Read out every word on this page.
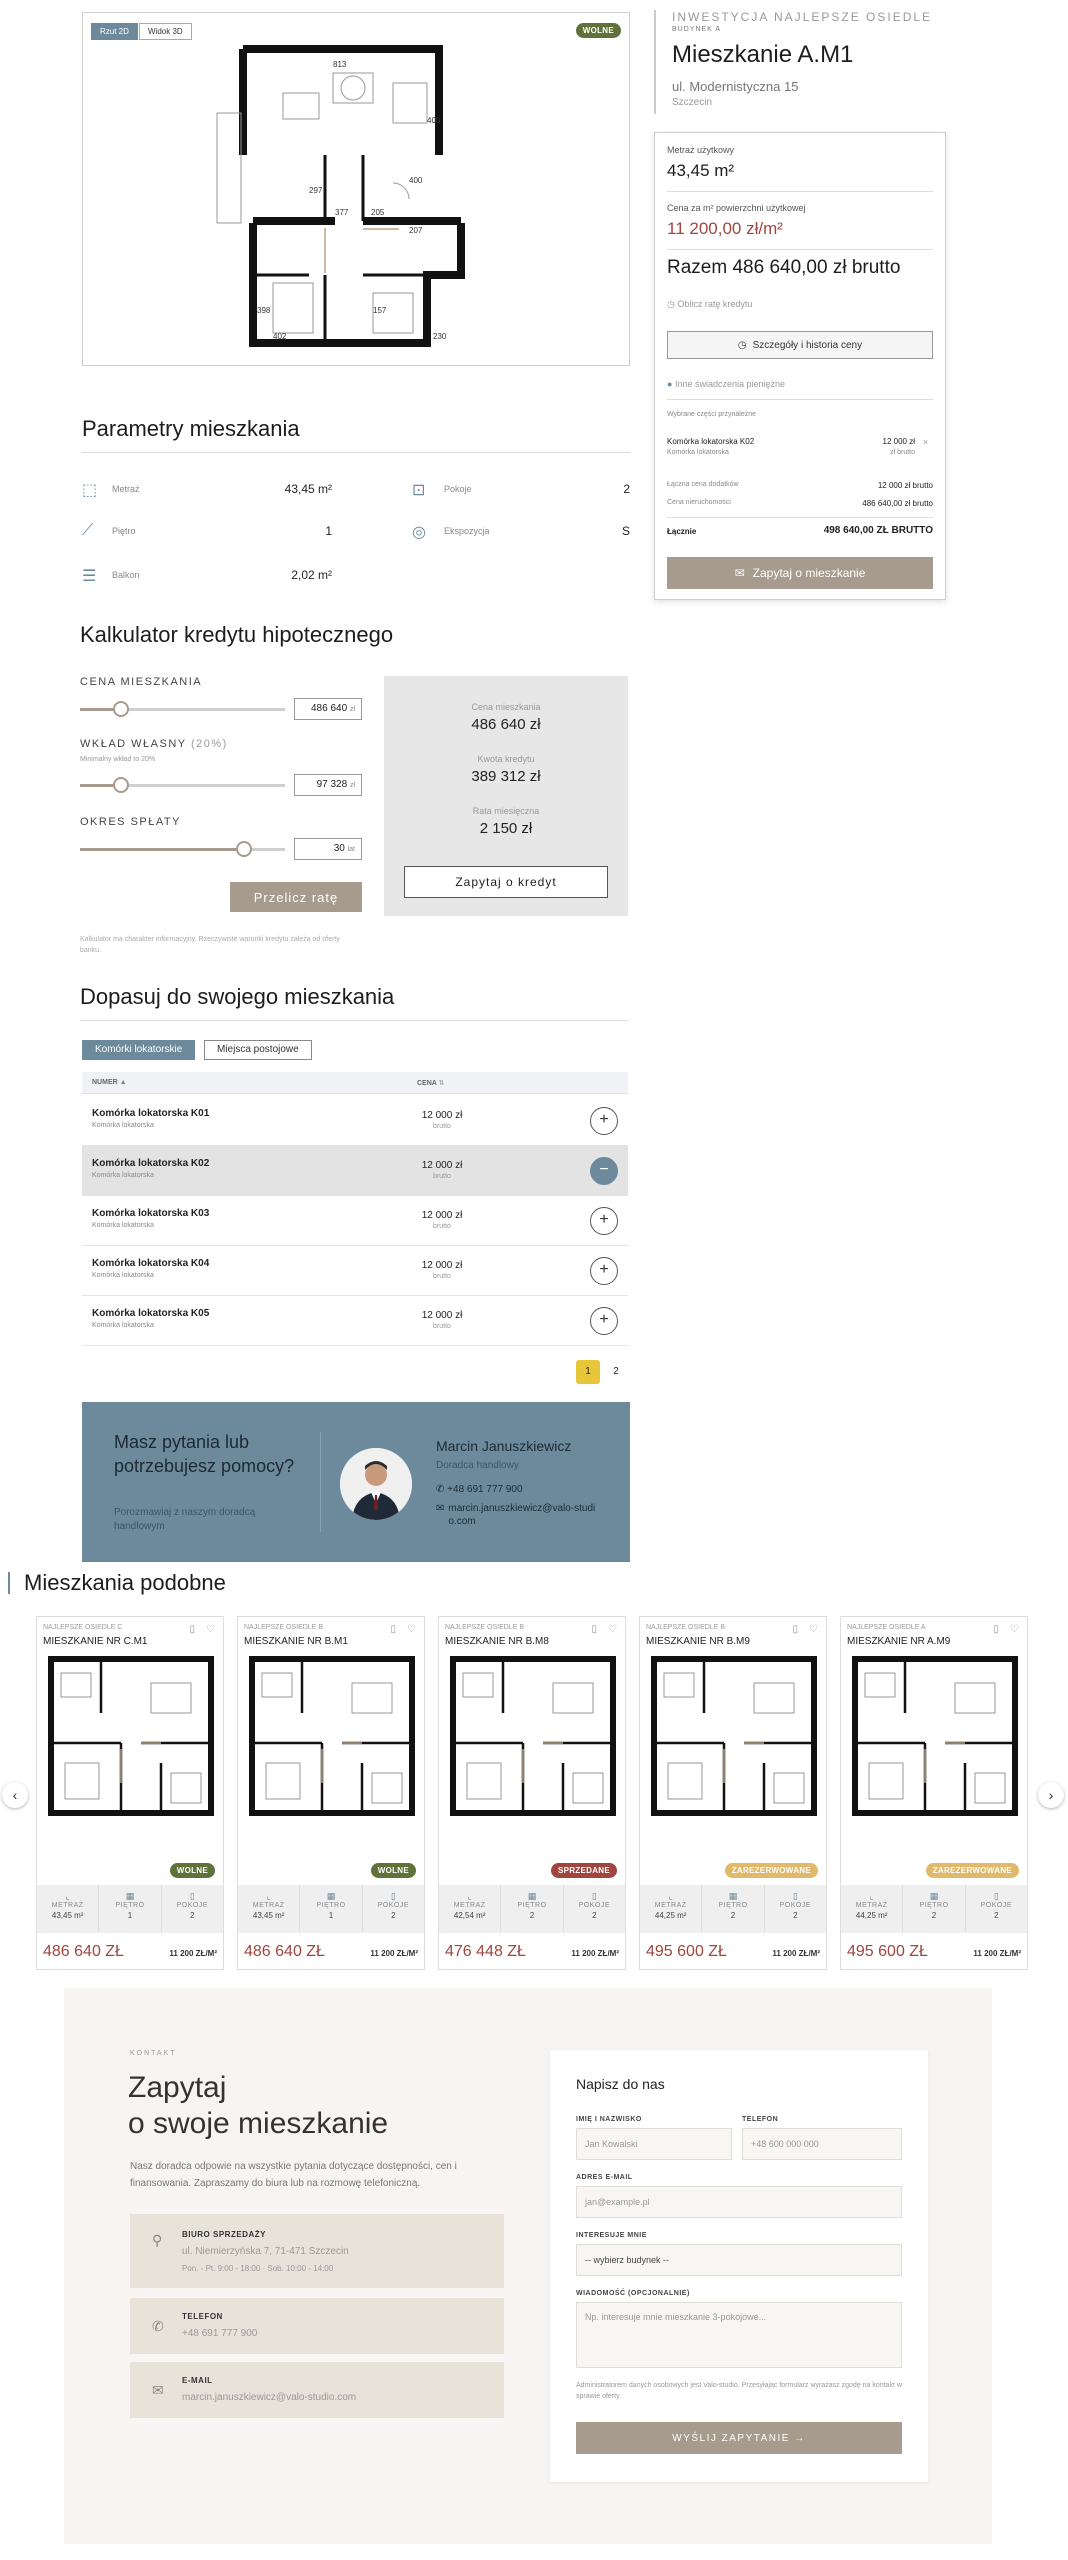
Rzut 2D	Widok 3D	WOLNE
813
400
297
377	205
207
402
398	157
230
400
INWESTYCJA NAJLEPSZE OSIEDLE
BUDYNEK A
Mieszkanie A.M1
ul. Modernistyczna 15
Szczecin
Metraż użytkowy
43,45 m²
Cena za m² powierzchni użytkowej
11 200,00 zł/m²
Razem 486 640,00 zł brutto
◷ Oblicz ratę kredytu
◷ Szczegóły i historia ceny
● Inne świadczenia pieniężne
Wybrane części przynależne
Komórka lokatorska K02
Komórka lokatorska
12 000 zł
zł brutto
×
Łączna cena dodatków	12 000 zł brutto
Cena nieruchomości	486 640,00 zł brutto
Łącznie	498 640,00 ZŁ BRUTTO
✉ Zapytaj o mieszkanie
Parametry mieszkania
⬚ Metraż	43,45 m²	⊡ Pokoje	2
⟋ Piętro	1	◎ Ekspozycja	S
☰ Balkon	2,02 m²
Kalkulator kredytu hipotecznego
CENA MIESZKANIA
486 640 zł
WKŁAD WŁASNY (20%)
Minimalny wkład to 20%
97 328 zł
OKRES SPŁATY
30 lat
Przelicz ratę
Kalkulator ma charakter informacyjny. Rzeczywiste warunki kredytu zależą od oferty banku.
Cena mieszkania
486 640 zł
Kwota kredytu
389 312 zł
Rata miesięczna
2 150 zł
Zapytaj o kredyt
Dopasuj do swojego mieszkania
Komórki lokatorskie	Miejsca postojowe
NUMER ▲	CENA ⇅
Komórka lokatorska K01
Komórka lokatorska
12 000 zł
brutto	+
Komórka lokatorska K02
Komórka lokatorska
12 000 zł
brutto	−
Komórka lokatorska K03
Komórka lokatorska
12 000 zł
brutto	+
Komórka lokatorska K04
Komórka lokatorska
12 000 zł
brutto	+
Komórka lokatorska K05
Komórka lokatorska
12 000 zł
brutto	+
1	2
Masz pytania lub potrzebujesz pomocy?
Porozmawiaj z naszym doradcą handlowym
Marcin Januszkiewicz
Doradca handlowy
✆ +48 691 777 900
✉ marcin.januszkiewicz@valo-studio.com
Mieszkania podobne
‹	›
NAJLEPSZE OSIEDLE C
MIESZKANIE NR C.M1
▯ ♡
WOLNE
⌞
METRAŻ
43,45 m²
▦
PIĘTRO
1
▯
POKOJE
2
486 640 ZŁ	11 200 ZŁ/M²
NAJLEPSZE OSIEDLE B
MIESZKANIE NR B.M1
▯ ♡
WOLNE
⌞
METRAŻ
43,45 m²
▦
PIĘTRO
1
▯
POKOJE
2
486 640 ZŁ	11 200 ZŁ/M²
NAJLEPSZE OSIEDLE B
MIESZKANIE NR B.M8
▯ ♡
SPRZEDANE
⌞
METRAŻ
42,54 m²
▦
PIĘTRO
2
▯
POKOJE
2
476 448 ZŁ	11 200 ZŁ/M²
NAJLEPSZE OSIEDLE B
MIESZKANIE NR B.M9
▯ ♡
ZAREZERWOWANE
⌞
METRAŻ
44,25 m²
▦
PIĘTRO
2
▯
POKOJE
2
495 600 ZŁ	11 200 ZŁ/M²
NAJLEPSZE OSIEDLE A
MIESZKANIE NR A.M9
▯ ♡
ZAREZERWOWANE
⌞
METRAŻ
44,25 m²
▦
PIĘTRO
2
▯
POKOJE
2
495 600 ZŁ	11 200 ZŁ/M²
KONTAKT
Zapytaj
o swoje mieszkanie
Nasz doradca odpowie na wszystkie pytania dotyczące dostępności, cen i finansowania. Zapraszamy do biura lub na rozmowę telefoniczną.
⚲ BIURO SPRZEDAŻY
ul. Niemierzyńska 7, 71-471 Szczecin
Pon. - Pt. 9:00 - 18:00 · Sob. 10:00 - 14:00
✆
TELEFON
+48 691 777 900
✉
E-MAIL
marcin.januszkiewicz@valo-studio.com
Napisz do nas
IMIĘ I NAZWISKO
Jan Kowalski
TELEFON
+48 600 000 000
ADRES E-MAIL
jan@example.pl
INTERESUJE MNIE
-- wybierz budynek --
WIADOMOŚĆ (OPCJONALNIE)
Np. interesuje mnie mieszkanie 3-pokojowe...
Administratorem danych osobowych jest Valo-studio. Przesyłając formularz wyrażasz zgodę na kontakt w sprawie oferty.
WYŚLIJ ZAPYTANIE →
